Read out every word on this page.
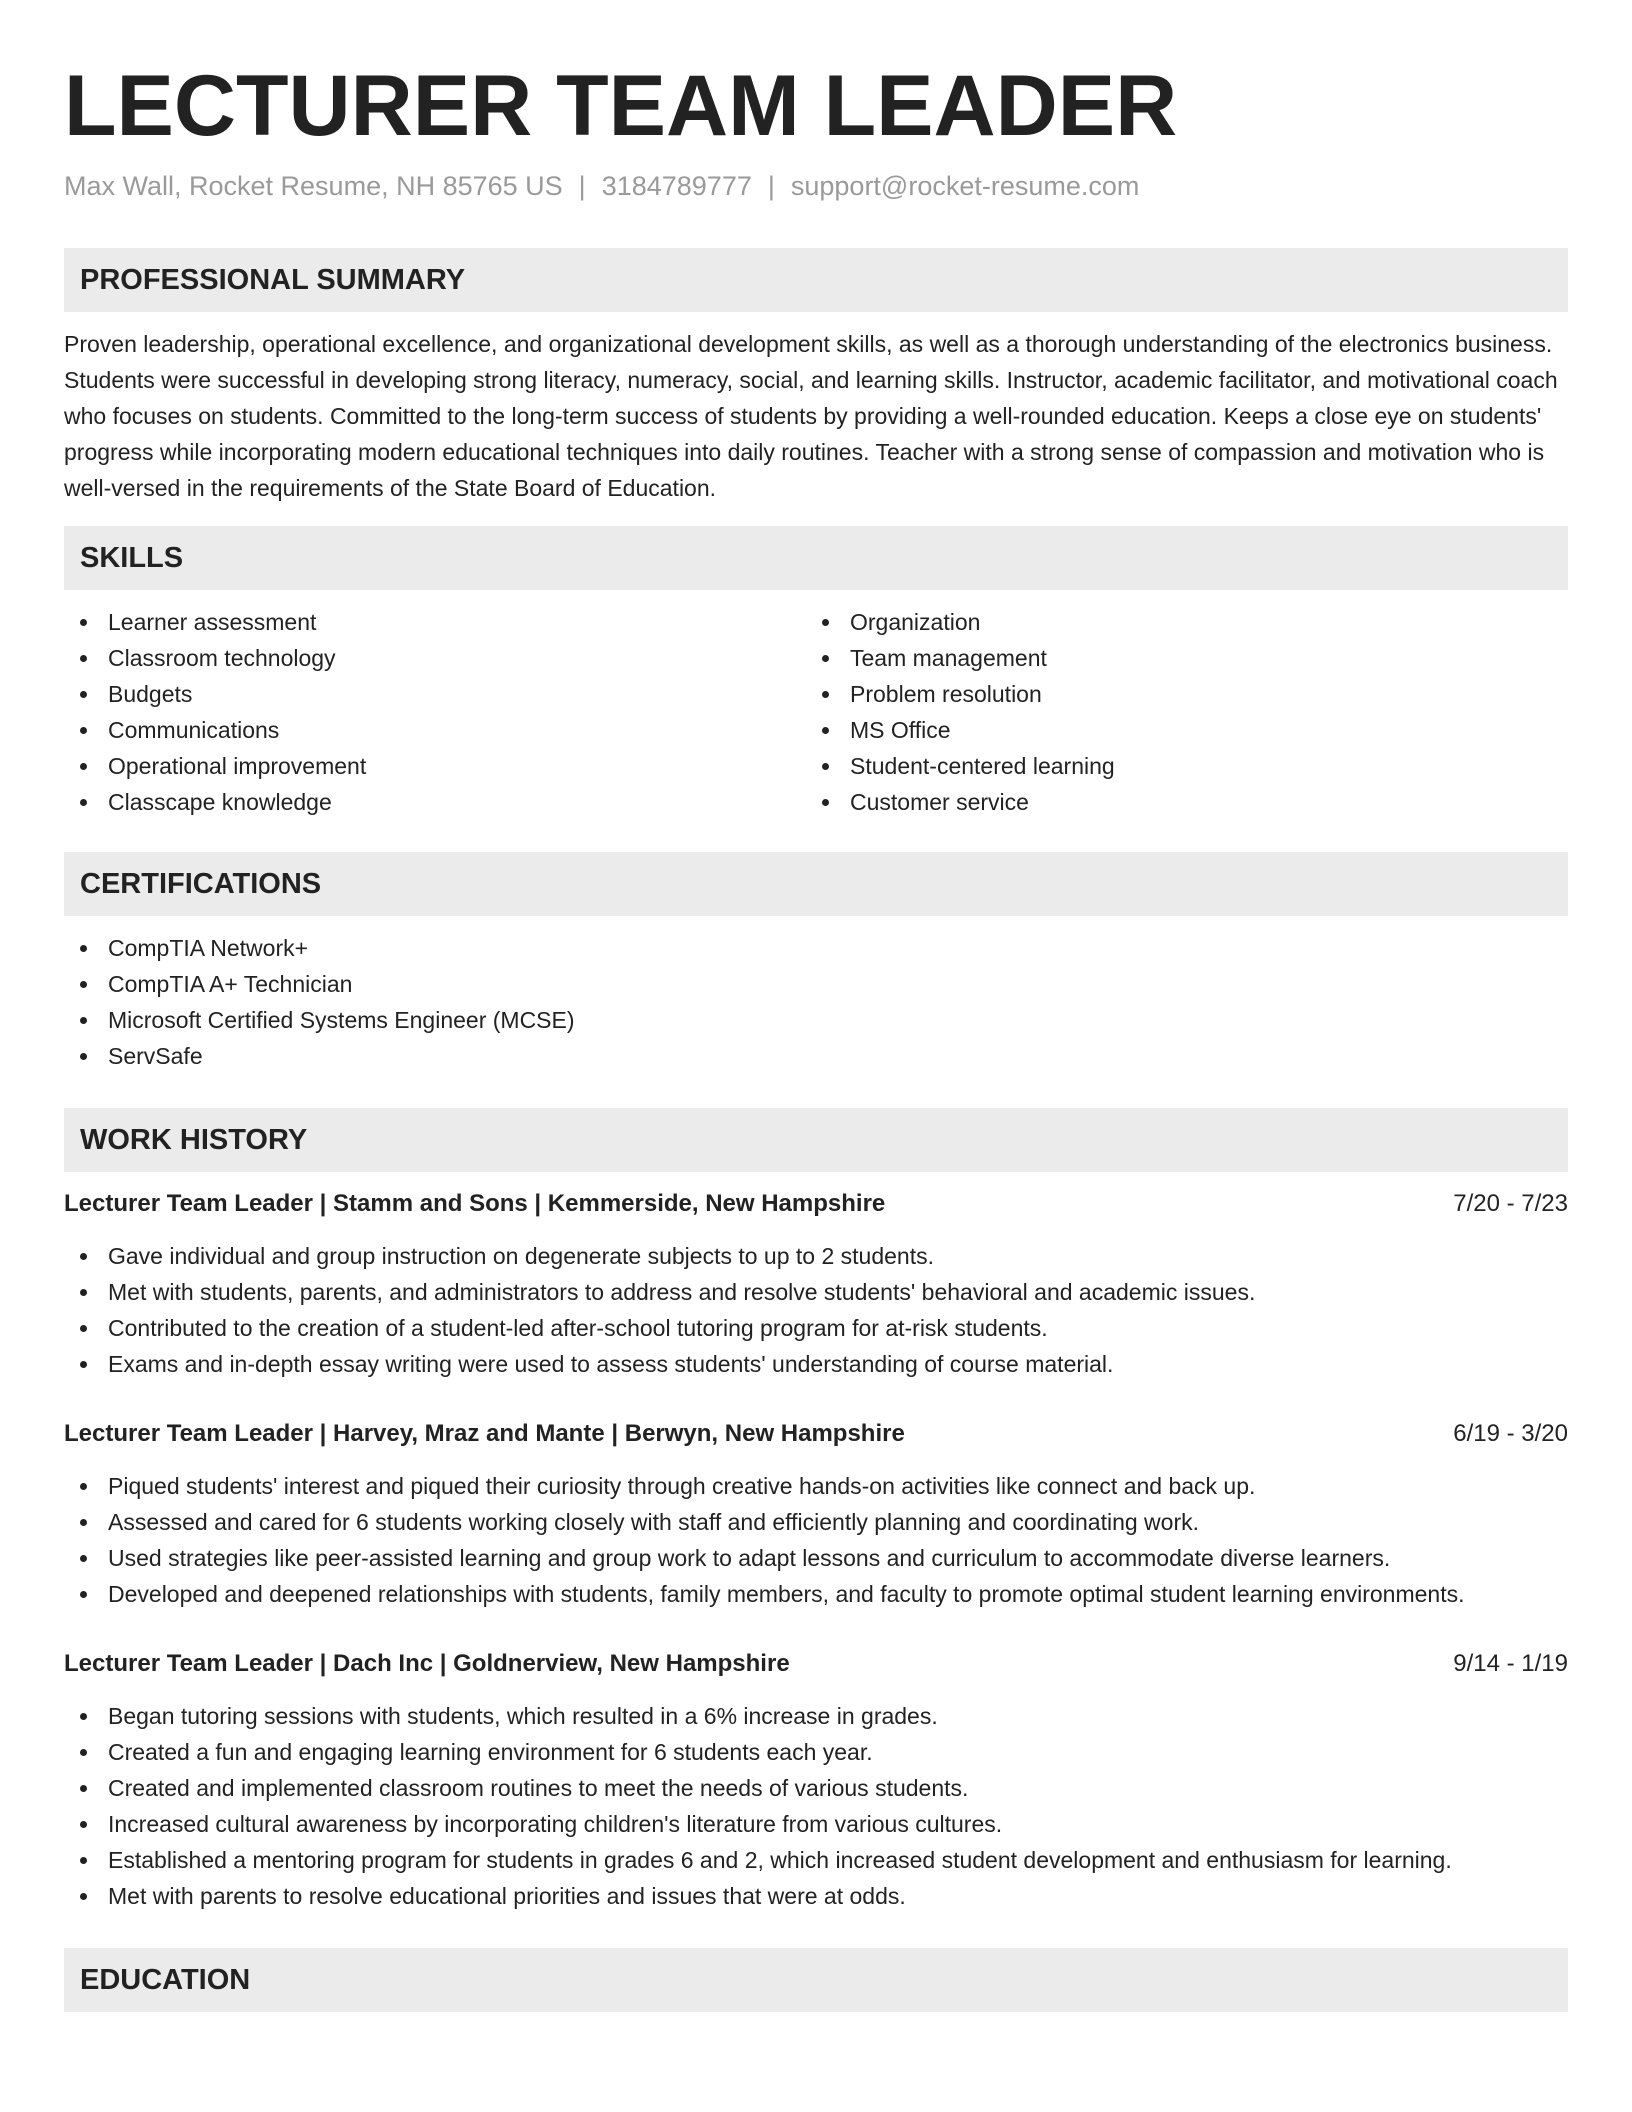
LECTURER TEAM LEADER
Max Wall, Rocket Resume, NH 85765 US | 3184789777 | support@rocket-resume.com
PROFESSIONAL SUMMARY

Proven leadership, operational excellence, and organizational development skills, as well as a thorough understanding of the electronics business. Students were successful in developing strong literacy, numeracy, social, and learning skills. Instructor, academic facilitator, and motivational coach who focuses on students. Committed to the long-term success of students by providing a well-rounded education. Keeps a close eye on students' progress while incorporating modern educational techniques into daily routines. Teacher with a strong sense of compassion and motivation who is well-versed in the requirements of the State Board of Education.

SKILLS
Learner assessment
Classroom technology
Budgets
Communications
Operational improvement
Classcape knowledge
Organization
Team management
Problem resolution
MS Office
Student-centered learning
Customer service
CERTIFICATIONS
CompTIA Network+
CompTIA A+ Technician
Microsoft Certified Systems Engineer (MCSE)
ServSafe
WORK HISTORY
Lecturer Team Leader | Stamm and Sons | Kemmerside, New Hampshire	7/20 - 7/23
Gave individual and group instruction on degenerate subjects to up to 2 students.
Met with students, parents, and administrators to address and resolve students' behavioral and academic issues.
Contributed to the creation of a student-led after-school tutoring program for at-risk students.
Exams and in-depth essay writing were used to assess students' understanding of course material.
Lecturer Team Leader | Harvey, Mraz and Mante | Berwyn, New Hampshire	6/19 - 3/20
Piqued students' interest and piqued their curiosity through creative hands-on activities like connect and back up.
Assessed and cared for 6 students working closely with staff and efficiently planning and coordinating work.
Used strategies like peer-assisted learning and group work to adapt lessons and curriculum to accommodate diverse learners.
Developed and deepened relationships with students, family members, and faculty to promote optimal student learning environments.
Lecturer Team Leader | Dach Inc | Goldnerview, New Hampshire	9/14 - 1/19
Began tutoring sessions with students, which resulted in a 6% increase in grades.
Created a fun and engaging learning environment for 6 students each year.
Created and implemented classroom routines to meet the needs of various students.
Increased cultural awareness by incorporating children's literature from various cultures.
Established a mentoring program for students in grades 6 and 2, which increased student development and enthusiasm for learning.
Met with parents to resolve educational priorities and issues that were at odds.
EDUCATION
